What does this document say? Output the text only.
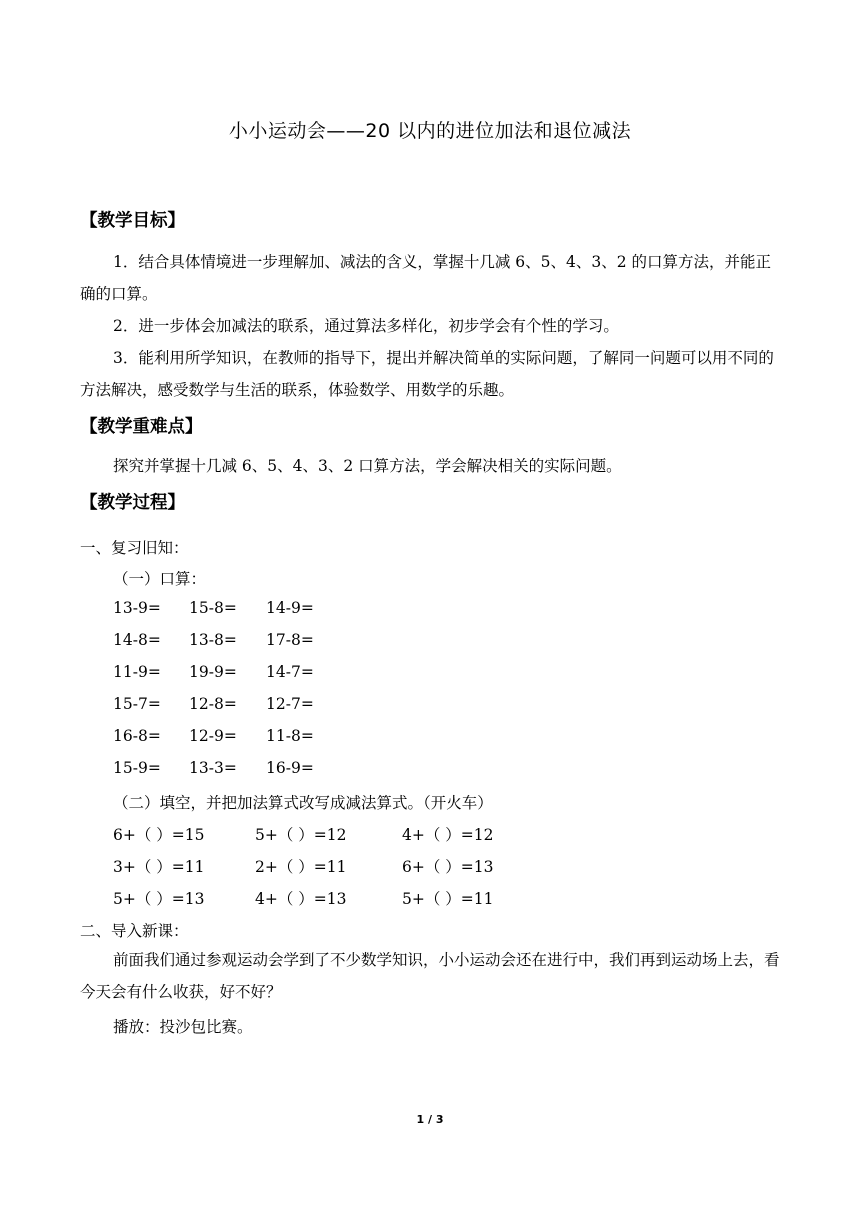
小小运动会——20 以内的进位加法和退位减法
【教学目标】
1．结合具体情境进一步理解加、减法的含义，掌握十几减 6、5、4、3、2 的口算方法，并能正确的口算。
2．进一步体会加减法的联系，通过算法多样化，初步学会有个性的学习。
3．能利用所学知识，在教师的指导下，提出并解决简单的实际问题，了解同一问题可以用不同的方法解决，感受数学与生活的联系，体验数学、用数学的乐趣。
【教学重难点】
探究并掌握十几减 6、5、4、3、2 口算方法，学会解决相关的实际问题。
【教学过程】
一、复习旧知：
（一）口算：
13-9= 15-8= 14-9=
14-8= 13-8= 17-8=
11-9= 19-9= 14-7=
15-7= 12-8= 12-7=
16-8= 12-9= 11-8=
15-9= 13-3= 16-9=
（二）填空，并把加法算式改写成减法算式。（开火车）
6+（ ）=15	5+（ ）=12	4+（ ）=12
3+（ ）=11	2+（ ）=11	6+（ ）=13
5+（ ）=13	4+（ ）=13	5+（ ）=11
二、导入新课：
前面我们通过参观运动会学到了不少数学知识，小小运动会还在进行中，我们再到运动场上去，看今天会有什么收获，好不好？
播放：投沙包比赛。
1 / 3
